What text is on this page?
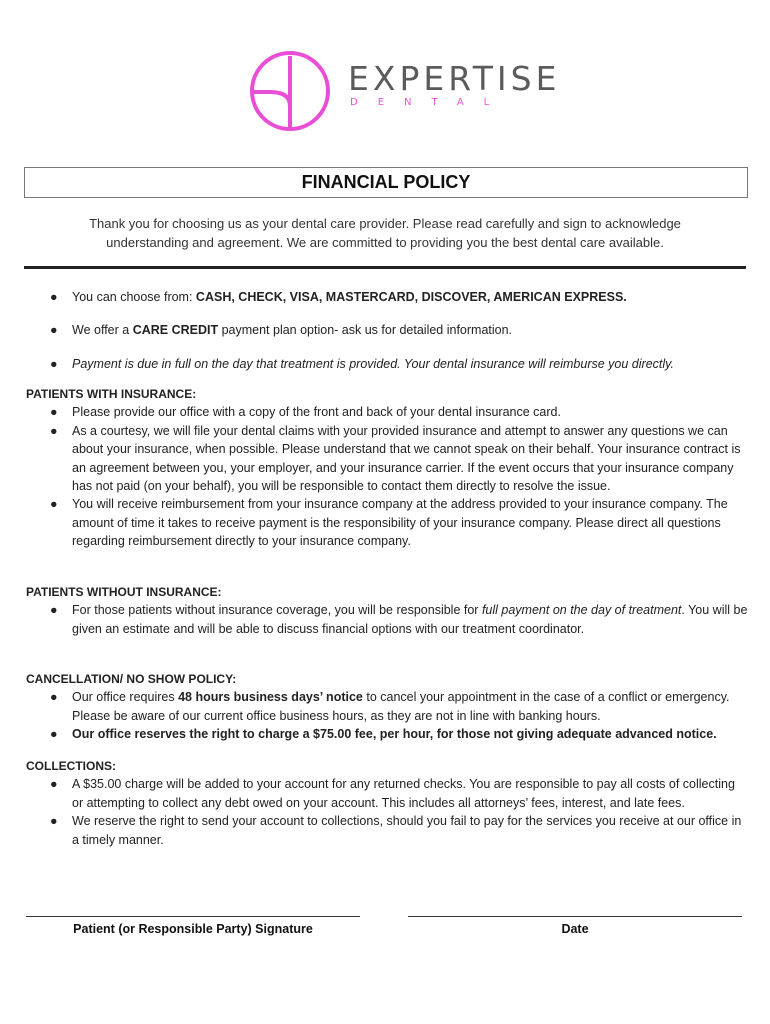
EXPERTISE
DENTAL
FINANCIAL POLICY
Thank you for choosing us as your dental care provider. Please read carefully and sign to acknowledge understanding and agreement. We are committed to providing you the best dental care available.
● You can choose from: CASH, CHECK, VISA, MASTERCARD, DISCOVER, AMERICAN EXPRESS.
● We offer a CARE CREDIT payment plan option- ask us for detailed information.
● Payment is due in full on the day that treatment is provided. Your dental insurance will reimburse you directly.
PATIENTS WITH INSURANCE:
● Please provide our office with a copy of the front and back of your dental insurance card.
● As a courtesy, we will file your dental claims with your provided insurance and attempt to answer any questions we can about your insurance, when possible. Please understand that we cannot speak on their behalf. Your insurance contract is an agreement between you, your employer, and your insurance carrier. If the event occurs that your insurance company has not paid (on your behalf), you will be responsible to contact them directly to resolve the issue.
● You will receive reimbursement from your insurance company at the address provided to your insurance company. The amount of time it takes to receive payment is the responsibility of your insurance company. Please direct all questions regarding reimbursement directly to your insurance company.
PATIENTS WITHOUT INSURANCE:
● For those patients without insurance coverage, you will be responsible for full payment on the day of treatment. You will be given an estimate and will be able to discuss financial options with our treatment coordinator.
CANCELLATION/ NO SHOW POLICY:
● Our office requires 48 hours business days’ notice to cancel your appointment in the case of a conflict or emergency. Please be aware of our current office business hours, as they are not in line with banking hours.
● Our office reserves the right to charge a $75.00 fee, per hour, for those not giving adequate advanced notice.
COLLECTIONS:
● A $35.00 charge will be added to your account for any returned checks. You are responsible to pay all costs of collecting or attempting to collect any debt owed on your account. This includes all attorneys’ fees, interest, and late fees.
● We reserve the right to send your account to collections, should you fail to pay for the services you receive at our office in a timely manner.
Patient (or Responsible Party) Signature	Date
